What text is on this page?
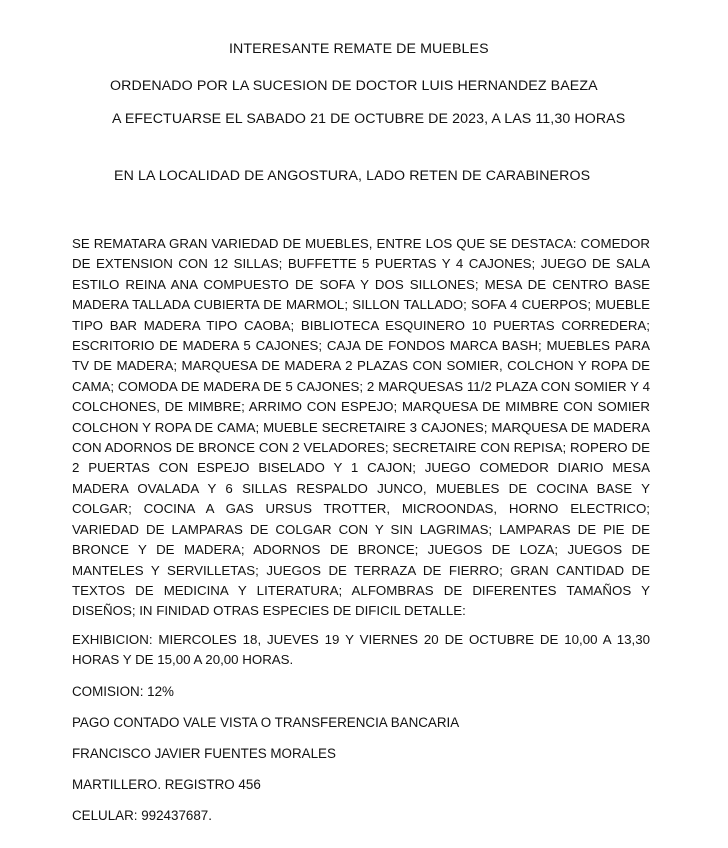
INTERESANTE REMATE DE MUEBLES
ORDENADO POR LA SUCESION DE DOCTOR LUIS HERNANDEZ BAEZA
A EFECTUARSE EL SABADO 21 DE OCTUBRE DE 2023, A LAS 11,30 HORAS
EN LA LOCALIDAD DE ANGOSTURA, LADO RETEN DE CARABINEROS

SE REMATARA GRAN VARIEDAD DE MUEBLES, ENTRE LOS QUE SE DESTACA: COMEDOR DE EXTENSION CON 12 SILLAS; BUFFETTE 5 PUERTAS Y 4 CAJONES; JUEGO DE SALA ESTILO REINA ANA COMPUESTO DE SOFA Y DOS SILLONES; MESA DE CENTRO BASE MADERA TALLADA CUBIERTA DE MARMOL; SILLON TALLADO; SOFA 4 CUERPOS; MUEBLE TIPO BAR MADERA TIPO CAOBA; BIBLIOTECA ESQUINERO 10 PUERTAS CORREDERA; ESCRITORIO DE MADERA 5 CAJONES; CAJA DE FONDOS MARCA BASH; MUEBLES PARA TV DE MADERA; MARQUESA DE MADERA 2 PLAZAS CON SOMIER, COLCHON Y ROPA DE CAMA; COMODA DE MADERA DE 5 CAJONES; 2 MARQUESAS 11/2 PLAZA CON SOMIER Y 4 COLCHONES, DE MIMBRE; ARRIMO CON ESPEJO; MARQUESA DE MIMBRE CON SOMIER COLCHON Y ROPA DE CAMA; MUEBLE SECRETAIRE 3 CAJONES; MARQUESA DE MADERA CON ADORNOS DE BRONCE CON 2 VELADORES; SECRETAIRE CON REPISA; ROPERO DE 2 PUERTAS CON ESPEJO BISELADO Y 1 CAJON; JUEGO COMEDOR DIARIO MESA MADERA OVALADA Y 6 SILLAS RESPALDO JUNCO, MUEBLES DE COCINA BASE Y COLGAR; COCINA A GAS URSUS TROTTER, MICROONDAS, HORNO ELECTRICO; VARIEDAD DE LAMPARAS DE COLGAR CON Y SIN LAGRIMAS; LAMPARAS DE PIE DE BRONCE Y DE MADERA; ADORNOS DE BRONCE; JUEGOS DE LOZA; JUEGOS DE MANTELES Y SERVILLETAS; JUEGOS DE TERRAZA DE FIERRO; GRAN CANTIDAD DE TEXTOS DE MEDICINA Y LITERATURA; ALFOMBRAS DE DIFERENTES TAMAÑOS Y DISEÑOS; IN FINIDAD OTRAS ESPECIES DE DIFICIL DETALLE:

EXHIBICION: MIERCOLES 18, JUEVES 19 Y VIERNES 20 DE OCTUBRE DE 10,00 A 13,30 HORAS Y DE 15,00 A 20,00 HORAS.

COMISION: 12%

PAGO CONTADO VALE VISTA O TRANSFERENCIA BANCARIA

FRANCISCO JAVIER FUENTES MORALES

MARTILLERO. REGISTRO 456

CELULAR: 992437687.
